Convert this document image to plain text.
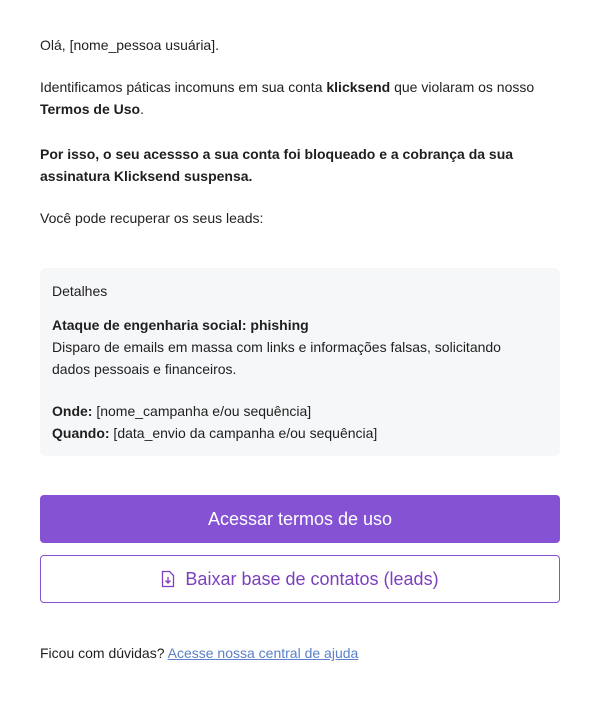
Olá, [nome_pessoa usuária].

Identificamos páticas incomuns em sua conta klicksend que violaram os nosso
Termos de Uso.

Por isso, o seu acessso a sua conta foi bloqueado e a cobrança da sua
assinatura Klicksend suspensa.

Você pode recuperar os seus leads:

Detalhes

Ataque de engenharia social: phishing
Disparo de emails em massa com links e informações falsas, solicitando
dados pessoais e financeiros.

Onde: [nome_campanha e/ou sequência]
Quando: [data_envio da campanha e/ou sequência]

Acessar termos de uso
Baixar base de contatos (leads)

Ficou com dúvidas? Acesse nossa central de ajuda
